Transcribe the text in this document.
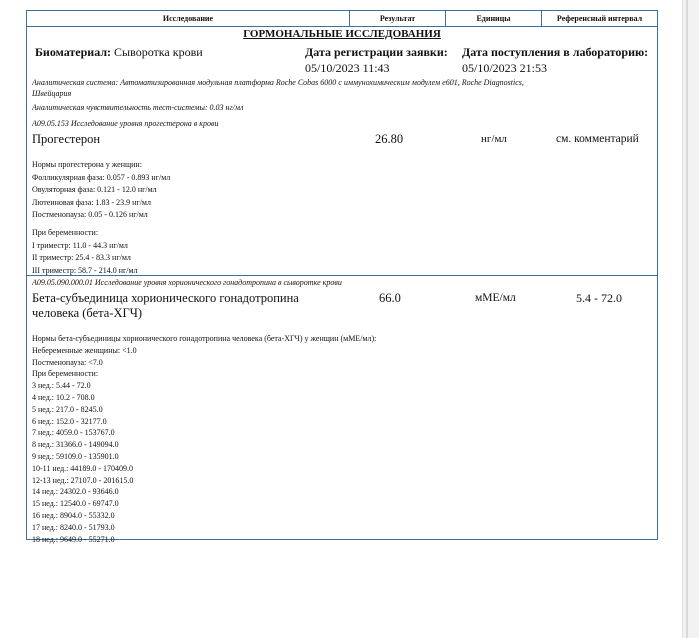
Исследование	Результат	Единицы	Референсный интервал
ГОРМОНАЛЬНЫЕ ИССЛЕДОВАНИЯ
Биоматериал: Сыворотка крови	Дата регистрации заявки:
05/10/2023 11:43
Дата поступления в лабораторию:
05/10/2023 21:53
Аналитическая система: Автоматизированная модульная платформа Roche Cobas 6000 с иммунохимическим модулем e601, Roche Diagnostics,
Швейцария
Аналитическая чувствительность тест-системы: 0.03 нг/мл
A09.05.153 Исследование уровня прогестерона в крови
Прогестерон	26.80	нг/мл	см. комментарий
Нормы прогестерона у женщин:
Фолликулярная фаза: 0.057 - 0.893 нг/мл
Овуляторная фаза: 0.121 - 12.0 нг/мл
Лютеиновая фаза: 1.83 - 23.9 нг/мл
Постменопауза: 0.05 - 0.126 нг/мл
При беременности:
I триместр: 11.0 - 44.3 нг/мл
II триместр: 25.4 - 83.3 нг/мл
III триместр: 58.7 - 214.0 нг/мл
A09.05.090.000.01 Исследование уровня хорионического гонадотропина в сыворотке крови
Бета-субъединица хорионического гонадотропина
человека (бета-ХГЧ)
66.0	мМЕ/мл	5.4 - 72.0
Нормы бета-субъединицы хорионического гонадотропина человека (бета-ХГЧ) у женщин (мМЕ/мл):
Небеременные женщины: <1.0
Постменопауза: <7.0
При беременности:
3 нед.: 5.44 - 72.0
4 нед.: 10.2 - 708.0
5 нед.: 217.0 - 8245.0
6 нед.: 152.0 - 32177.0
7 нед.: 4059.0 - 153767.0
8 нед.: 31366.0 - 149094.0
9 нед.: 59109.0 - 135901.0
10-11 нед.: 44189.0 - 170409.0
12-13 нед.: 27107.0 - 201615.0
14 нед.: 24302.0 - 93646.0
15 нед.: 12540.0 - 69747.0
16 нед.: 8904.0 - 55332.0
17 нед.: 8240.0 - 51793.0
18 нед.: 9649.0 - 55271.0
